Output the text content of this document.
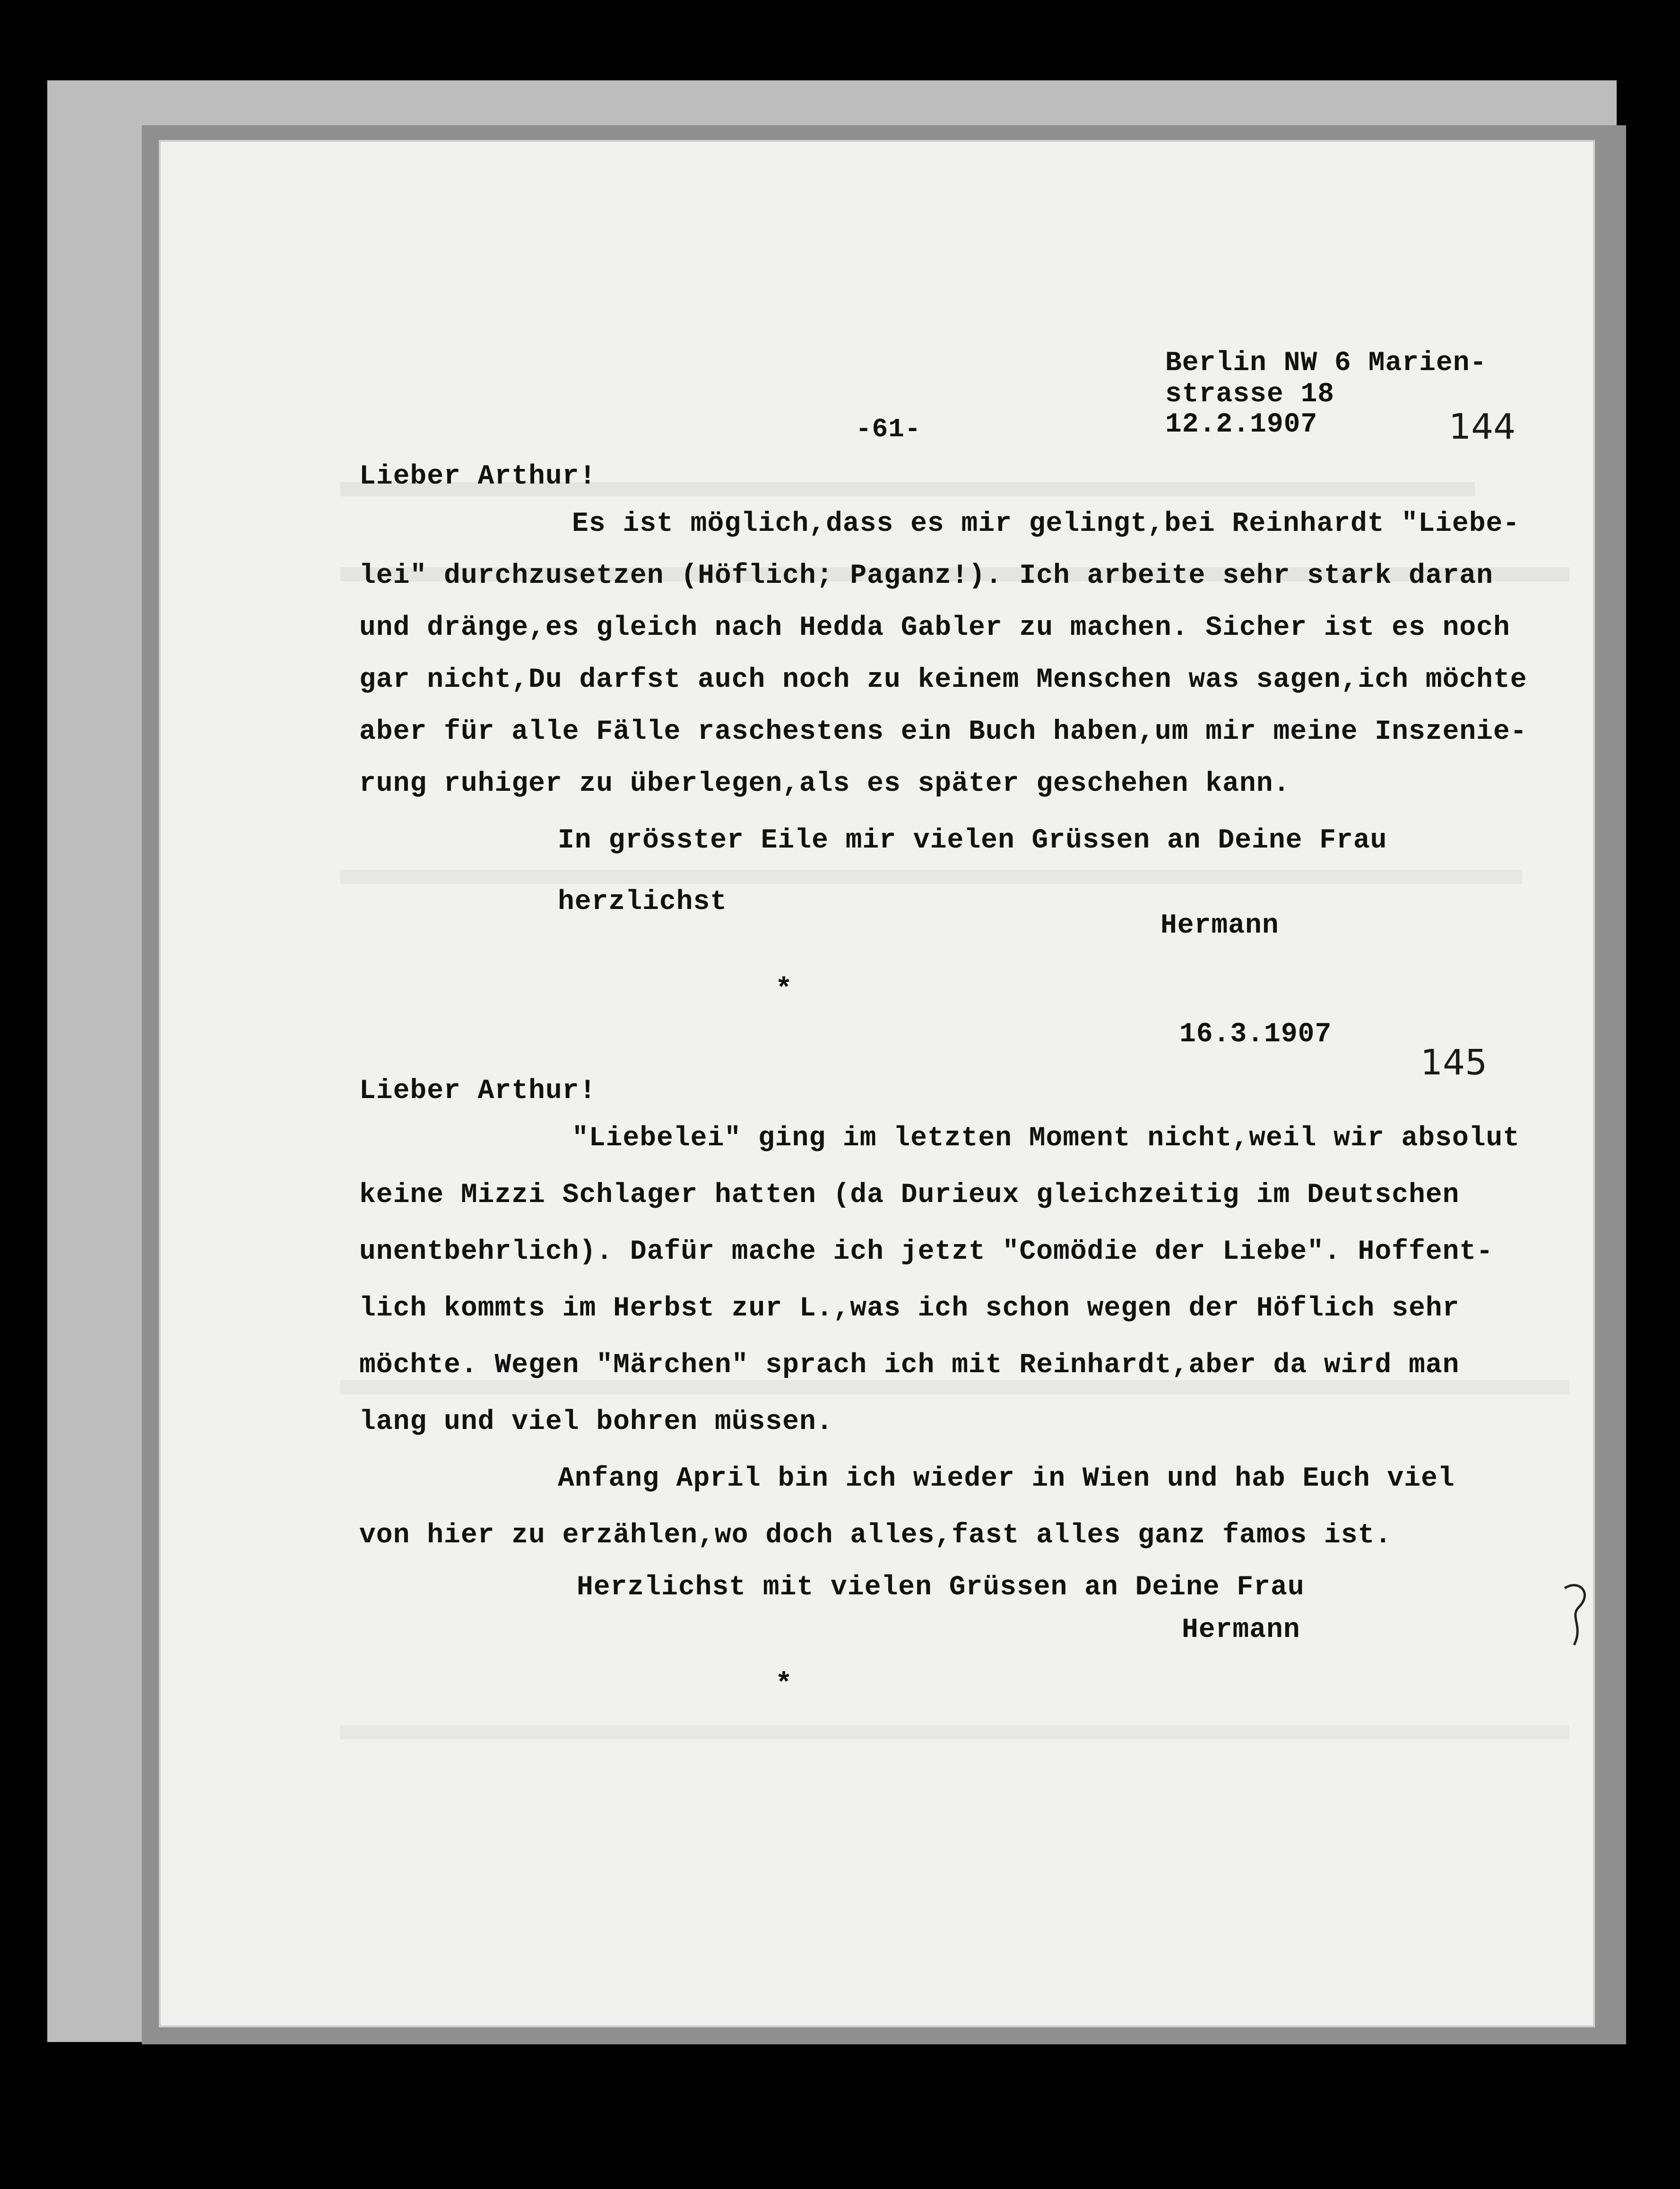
-61-
Berlin NW 6 Marien-
strasse 18
12.2.1907	144
Lieber Arthur!
Es ist möglich,dass es mir gelingt,bei Reinhardt "Liebe-
lei" durchzusetzen (Höflich; Paganz!). Ich arbeite sehr stark daran
und dränge,es gleich nach Hedda Gabler zu machen. Sicher ist es noch
gar nicht,Du darfst auch noch zu keinem Menschen was sagen,ich möchte
aber für alle Fälle raschestens ein Buch haben,um mir meine Inszenie-
rung ruhiger zu überlegen,als es später geschehen kann.
In grösster Eile mir vielen Grüssen an Deine Frau
herzlichst
Hermann
*
16.3.1907
145
Lieber Arthur!
"Liebelei" ging im letzten Moment nicht,weil wir absolut
keine Mizzi Schlager hatten (da Durieux gleichzeitig im Deutschen
unentbehrlich). Dafür mache ich jetzt "Comödie der Liebe". Hoffent-
lich kommts im Herbst zur L.,was ich schon wegen der Höflich sehr
möchte. Wegen "Märchen" sprach ich mit Reinhardt,aber da wird man
lang und viel bohren müssen.
Anfang April bin ich wieder in Wien und hab Euch viel
von hier zu erzählen,wo doch alles,fast alles ganz famos ist.
Herzlichst mit vielen Grüssen an Deine Frau
Hermann
*
